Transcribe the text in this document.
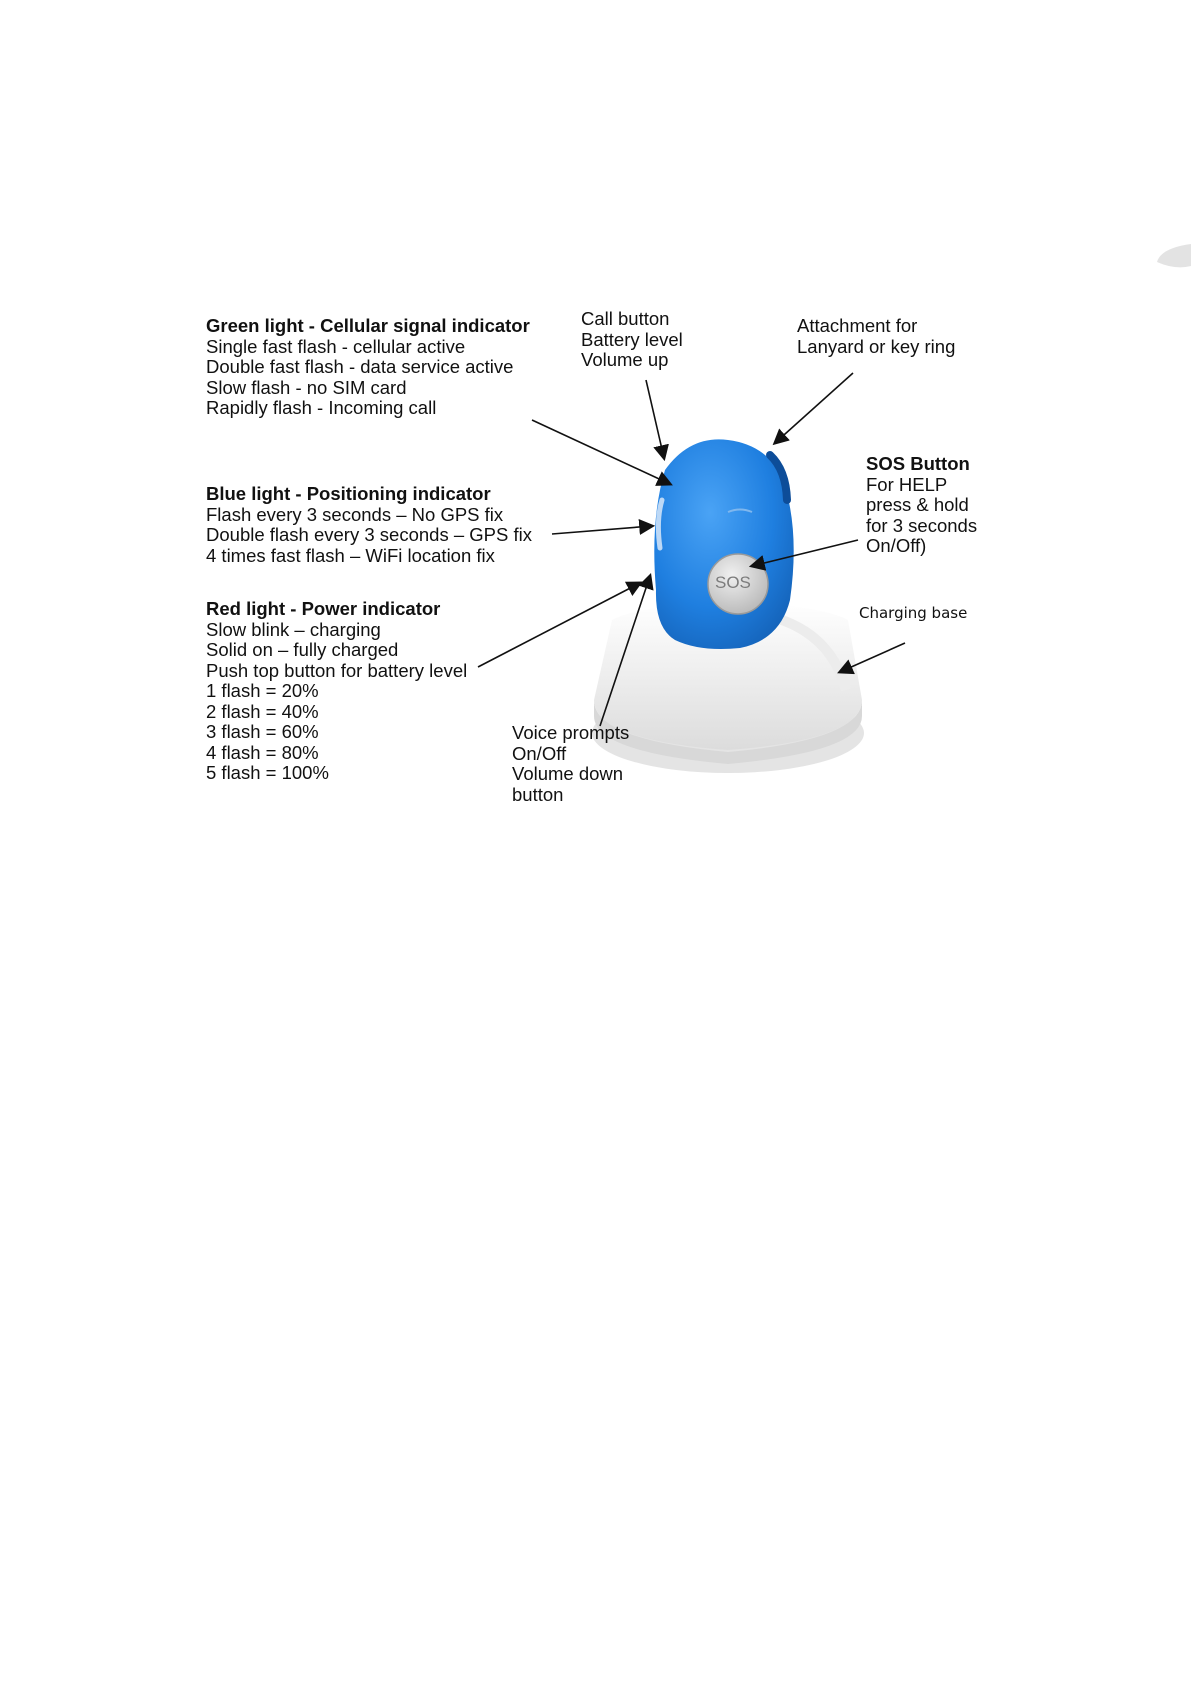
SOS
Green light - Cellular signal indicator
Single fast flash - cellular active
Double fast flash - data service active
Slow flash - no SIM card
Rapidly flash - Incoming call
Blue light - Positioning indicator
Flash every 3 seconds – No GPS fix
Double flash every 3 seconds – GPS fix
4 times fast flash – WiFi location fix
Red light - Power indicator
Slow blink – charging
Solid on – fully charged
Push top button for battery level
1 flash = 20%
2 flash = 40%
3 flash = 60%
4 flash = 80%
5 flash = 100%
Call button
Battery level
Volume up
Attachment for
Lanyard or key ring
SOS Button
For HELP
press & hold
for 3 seconds
On/Off)
Charging base
Voice prompts
On/Off
Volume down
button
